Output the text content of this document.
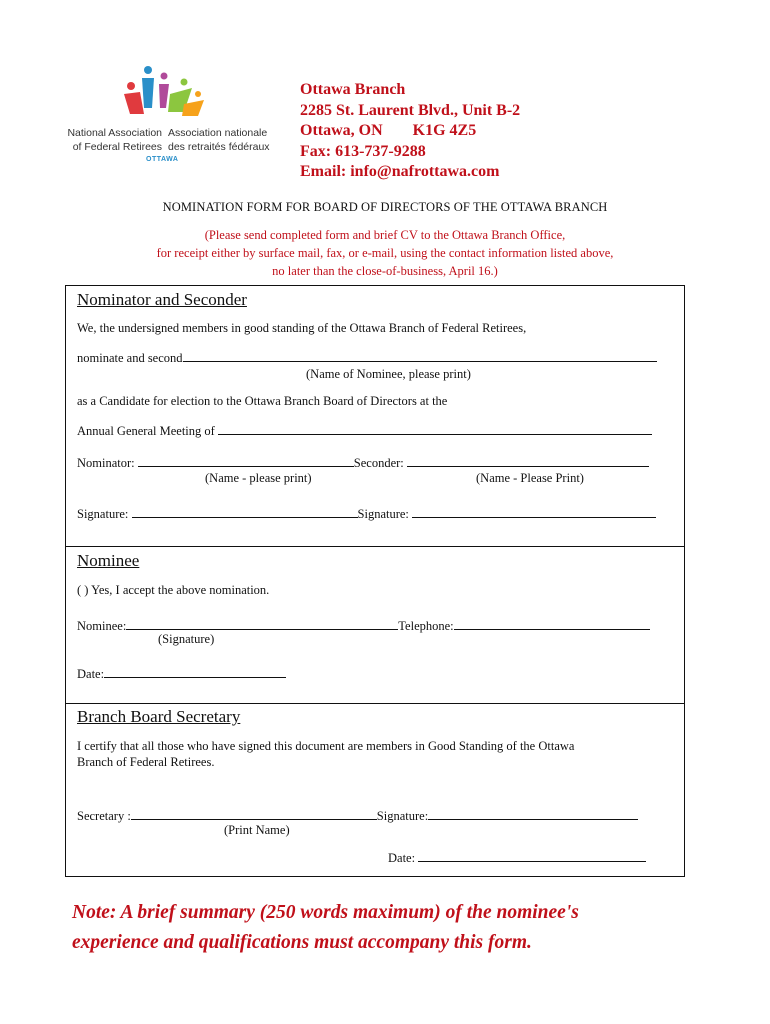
National Association
of Federal Retirees
Association nationale
des retraités fédéraux
OTTAWA
Ottawa Branch
2285 St. Laurent Blvd., Unit B-2
Ottawa, ON K1G 4Z5
Fax: 613-737-9288
Email: info@nafrottawa.com
NOMINATION FORM FOR BOARD OF DIRECTORS OF THE OTTAWA BRANCH
(Please send completed form and brief CV to the Ottawa Branch Office,
for receipt either by surface mail, fax, or e-mail, using the contact information listed above,
no later than the close-of-business, April 16.)
Nominator and Seconder
We, the undersigned members in good standing of the Ottawa Branch of Federal Retirees,
nominate and second
(Name of Nominee, please print)
as a Candidate for election to the Ottawa Branch Board of Directors at the
Annual General Meeting of
Nominator:	Seconder:
(Name - please print)	(Name - Please Print)
Signature:	Signature:
Nominee
( ) Yes, I accept the above nomination.
Nominee:	Telephone:
(Signature)
Date:
Branch Board Secretary
I certify that all those who have signed this document are members in Good Standing of the Ottawa
Branch of Federal Retirees.
Secretary :	Signature:
(Print Name)
Date:
Note: A brief summary (250 words maximum) of the nominee's
experience and qualifications must accompany this form.
